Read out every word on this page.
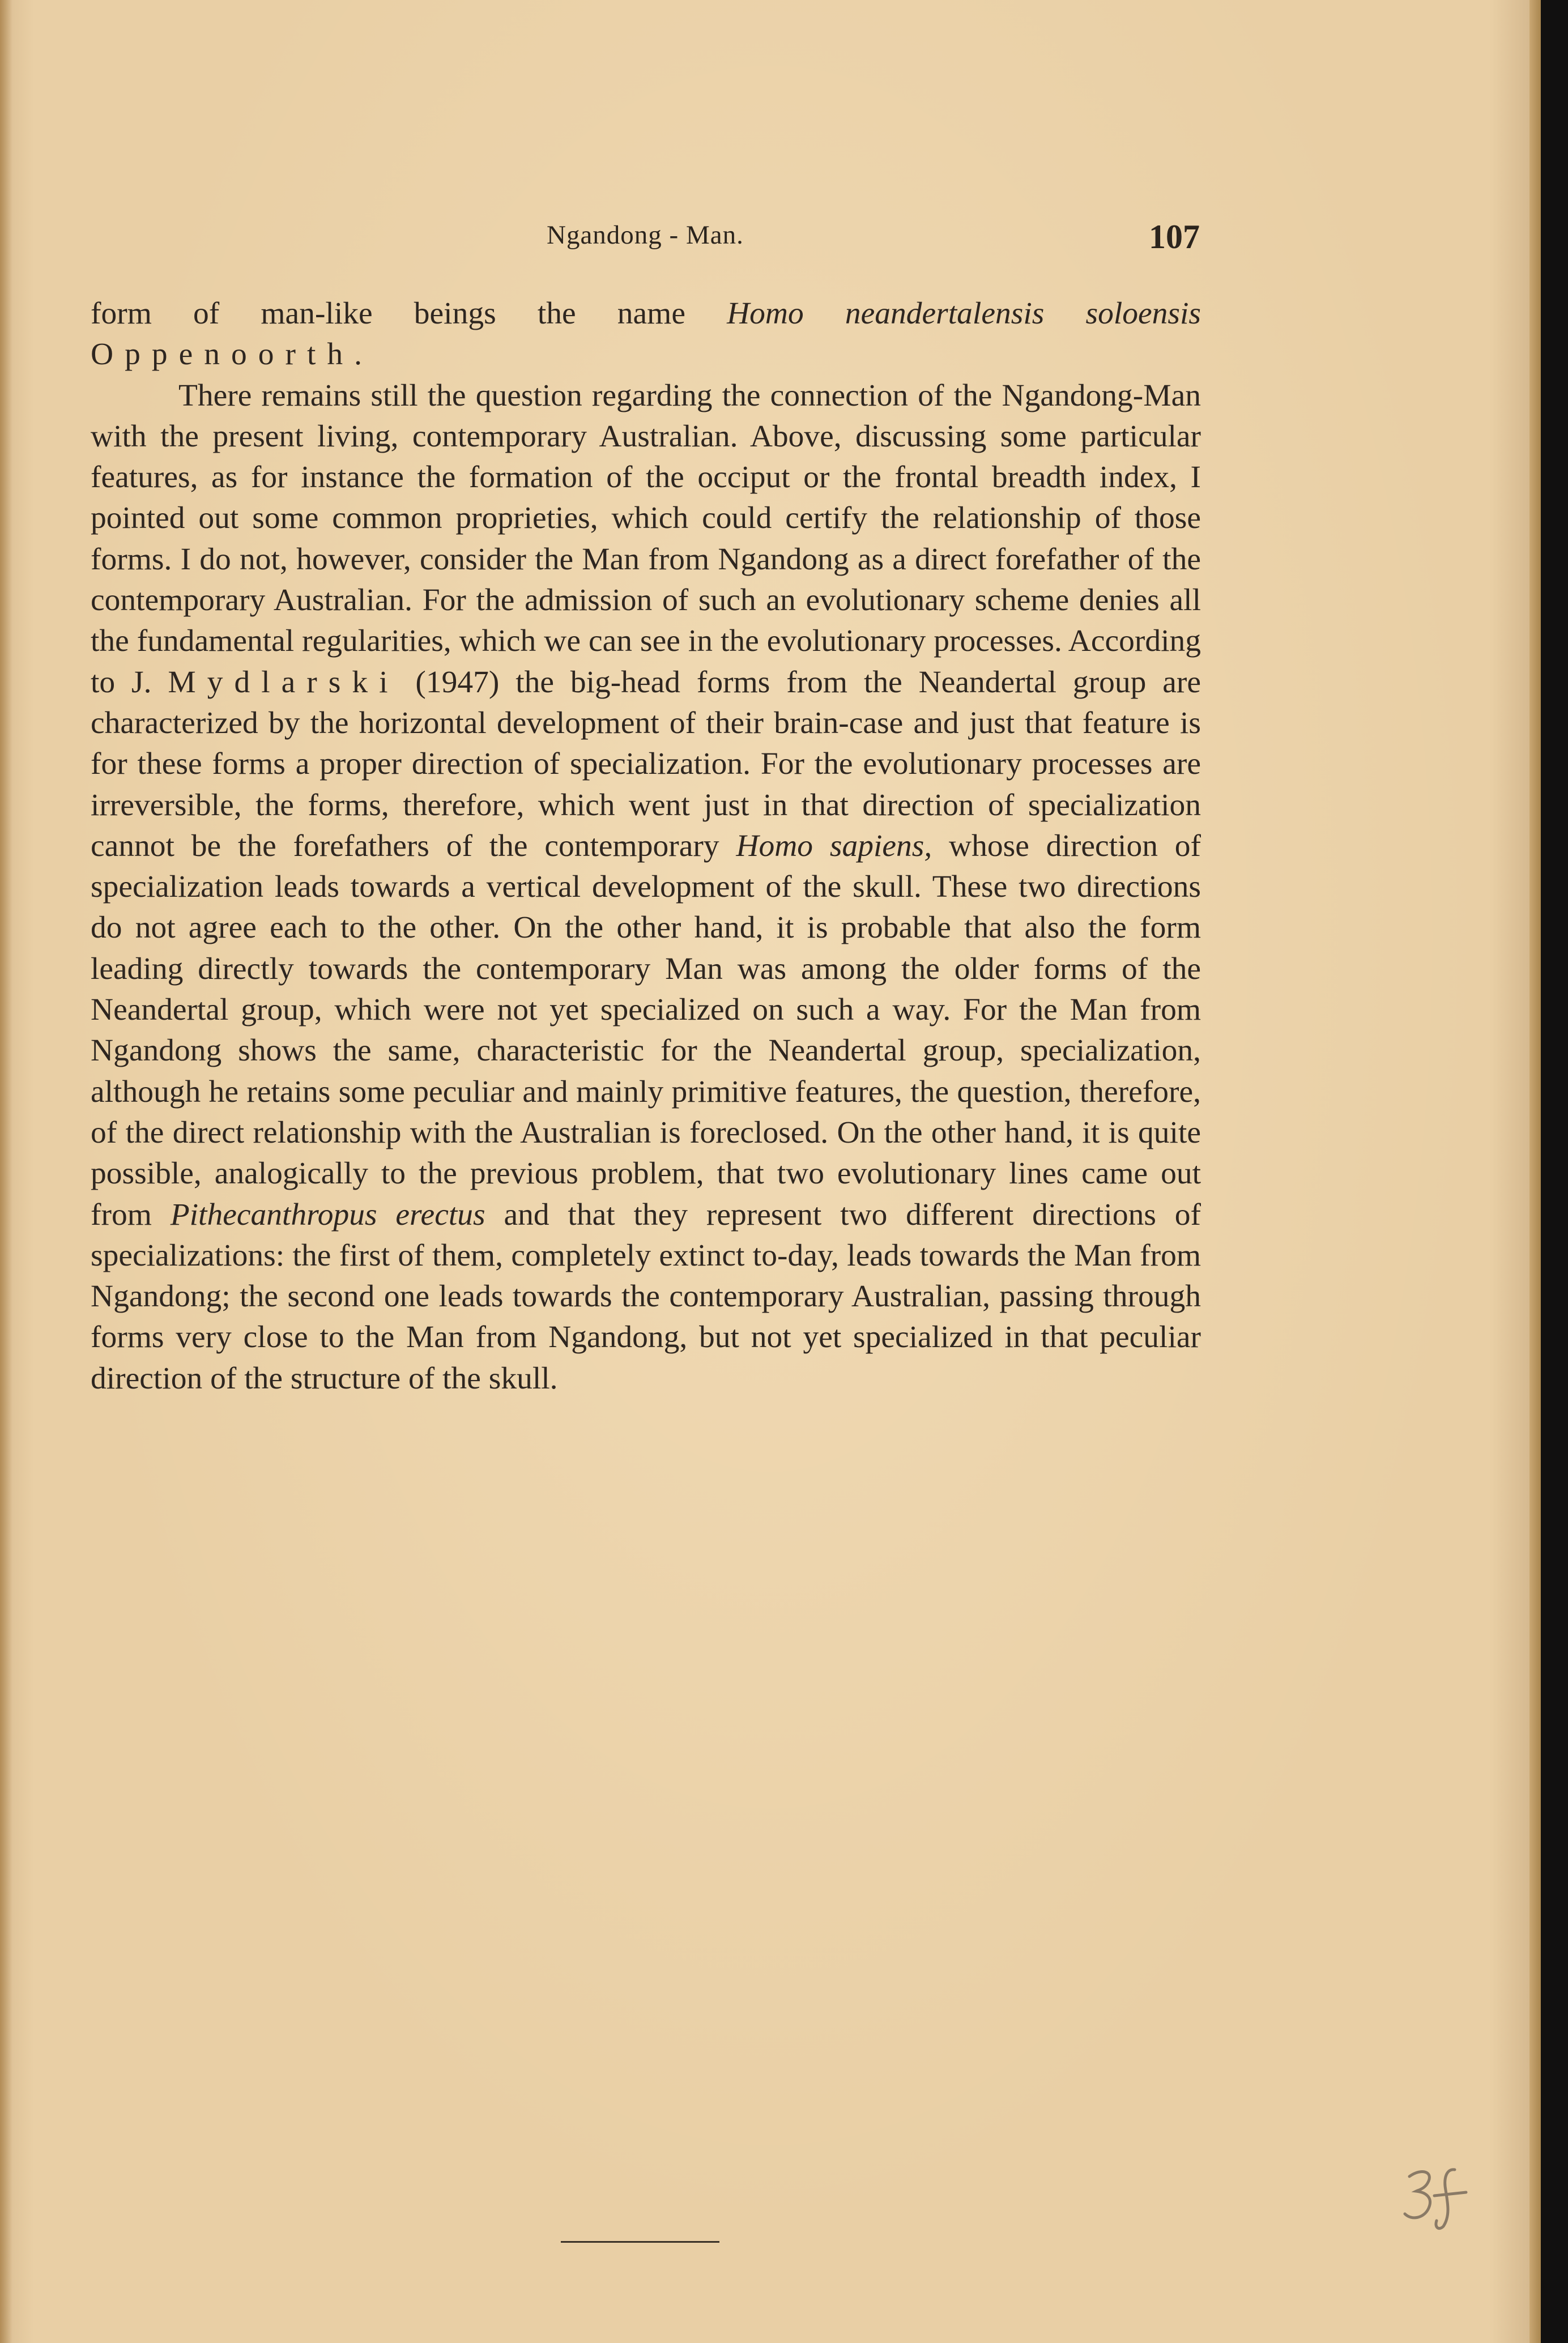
Ngandong - Man.	107

form of man-like beings the name Homo neandertalensis soloensis Oppenoorth.

There remains still the question regarding the connection of the Ngandong-Man with the present living, contemporary Australian. Above, discussing some particular features, as for instance the formation of the occiput or the frontal breadth index, I pointed out some common proprieties, which could certify the relationship of those forms. I do not, however, consider the Man from Ngandong as a direct forefather of the contemporary Australian. For the admission of such an evolutionary scheme denies all the fundamental regularities, which we can see in the evolutionary processes. According to J. Mydlarski (1947) the big-head forms from the Neandertal group are characterized by the horizontal development of their brain-case and just that feature is for these forms a proper direction of specialization. For the evolutionary processes are irreversible, the forms, therefore, which went just in that direction of specialization cannot be the forefathers of the contemporary Homo sapiens, whose direction of specialization leads towards a vertical development of the skull. These two directions do not agree each to the other. On the other hand, it is probable that also the form leading directly towards the contemporary Man was among the older forms of the Neandertal group, which were not yet specialized on such a way. For the Man from Ngandong shows the same, characteristic for the Neandertal group, specialization, although he retains some peculiar and mainly primitive features, the question, therefore, of the direct relationship with the Australian is foreclosed. On the other hand, it is quite possible, analogically to the previous problem, that two evolutionary lines came out from Pithecanthropus erectus and that they represent two different directions of specializations: the first of them, completely extinct to-day, leads towards the Man from Ngandong; the second one leads towards the contemporary Australian, passing through forms very close to the Man from Ngandong, but not yet specialized in that peculiar direction of the structure of the skull.
